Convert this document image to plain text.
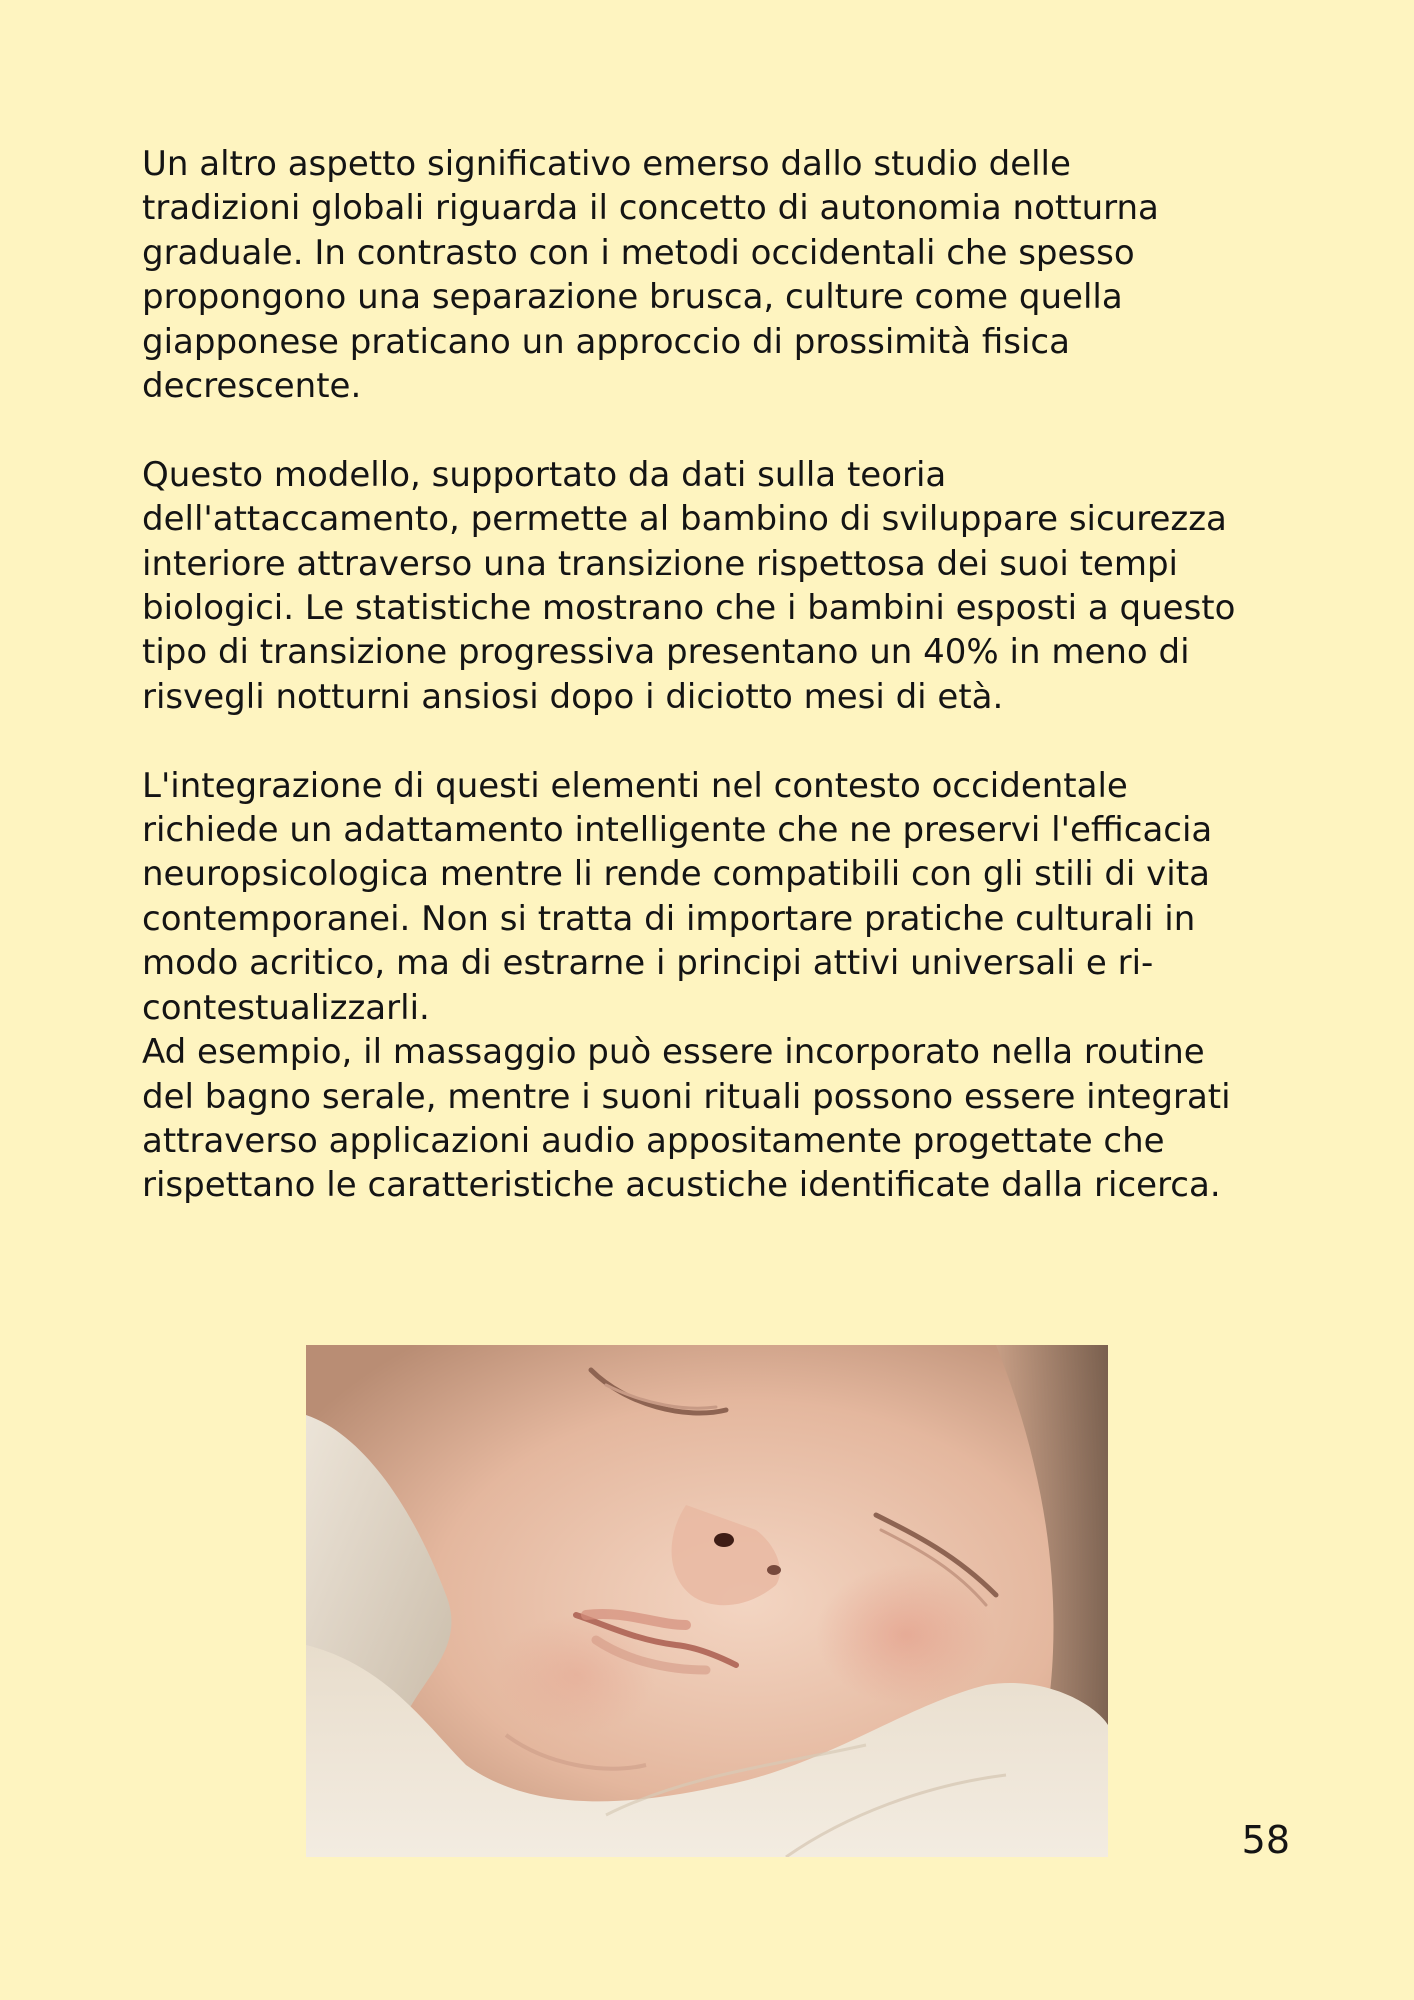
Un altro aspetto significativo emerso dallo studio delle
tradizioni globali riguarda il concetto di autonomia notturna
graduale. In contrasto con i metodi occidentali che spesso
propongono una separazione brusca, culture come quella
giapponese praticano un approccio di prossimità fisica
decrescente.

Questo modello, supportato da dati sulla teoria
dell'attaccamento, permette al bambino di sviluppare sicurezza
interiore attraverso una transizione rispettosa dei suoi tempi
biologici. Le statistiche mostrano che i bambini esposti a questo
tipo di transizione progressiva presentano un 40% in meno di
risvegli notturni ansiosi dopo i diciotto mesi di età.

L'integrazione di questi elementi nel contesto occidentale
richiede un adattamento intelligente che ne preservi l'efficacia
neuropsicologica mentre li rende compatibili con gli stili di vita
contemporanei. Non si tratta di importare pratiche culturali in
modo acritico, ma di estrarne i principi attivi universali e ri-
contestualizzarli.

Ad esempio, il massaggio può essere incorporato nella routine
del bagno serale, mentre i suoni rituali possono essere integrati
attraverso applicazioni audio appositamente progettate che
rispettano le caratteristiche acustiche identificate dalla ricerca.

58
